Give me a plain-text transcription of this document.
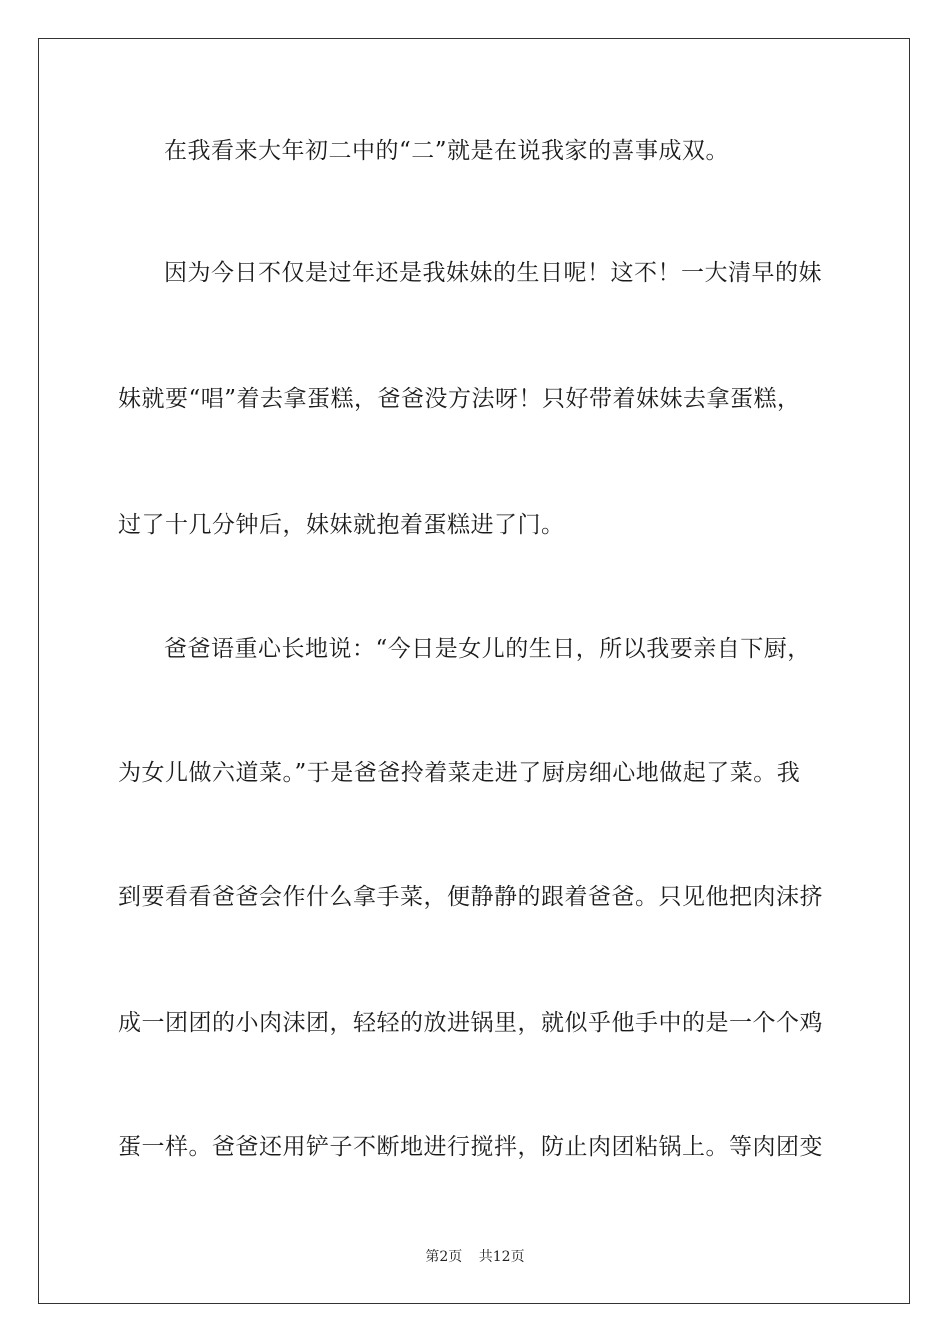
在我看来大年初二中的“二”就是在说我家的喜事成双。
因为今日不仅是过年还是我妹妹的生日呢！这不！一大清早的妹
妹就要“唱”着去拿蛋糕，爸爸没方法呀！只好带着妹妹去拿蛋糕，
过了十几分钟后，妹妹就抱着蛋糕进了门。
爸爸语重心长地说：“今日是女儿的生日，所以我要亲自下厨，
为女儿做六道菜。”于是爸爸拎着菜走进了厨房细心地做起了菜。我
到要看看爸爸会作什么拿手菜，便静静的跟着爸爸。只见他把肉沫挤
成一团团的小肉沫团，轻轻的放进锅里，就似乎他手中的是一个个鸡
蛋一样。爸爸还用铲子不断地进行搅拌，防止肉团粘锅上。等肉团变
第2页 共12页
